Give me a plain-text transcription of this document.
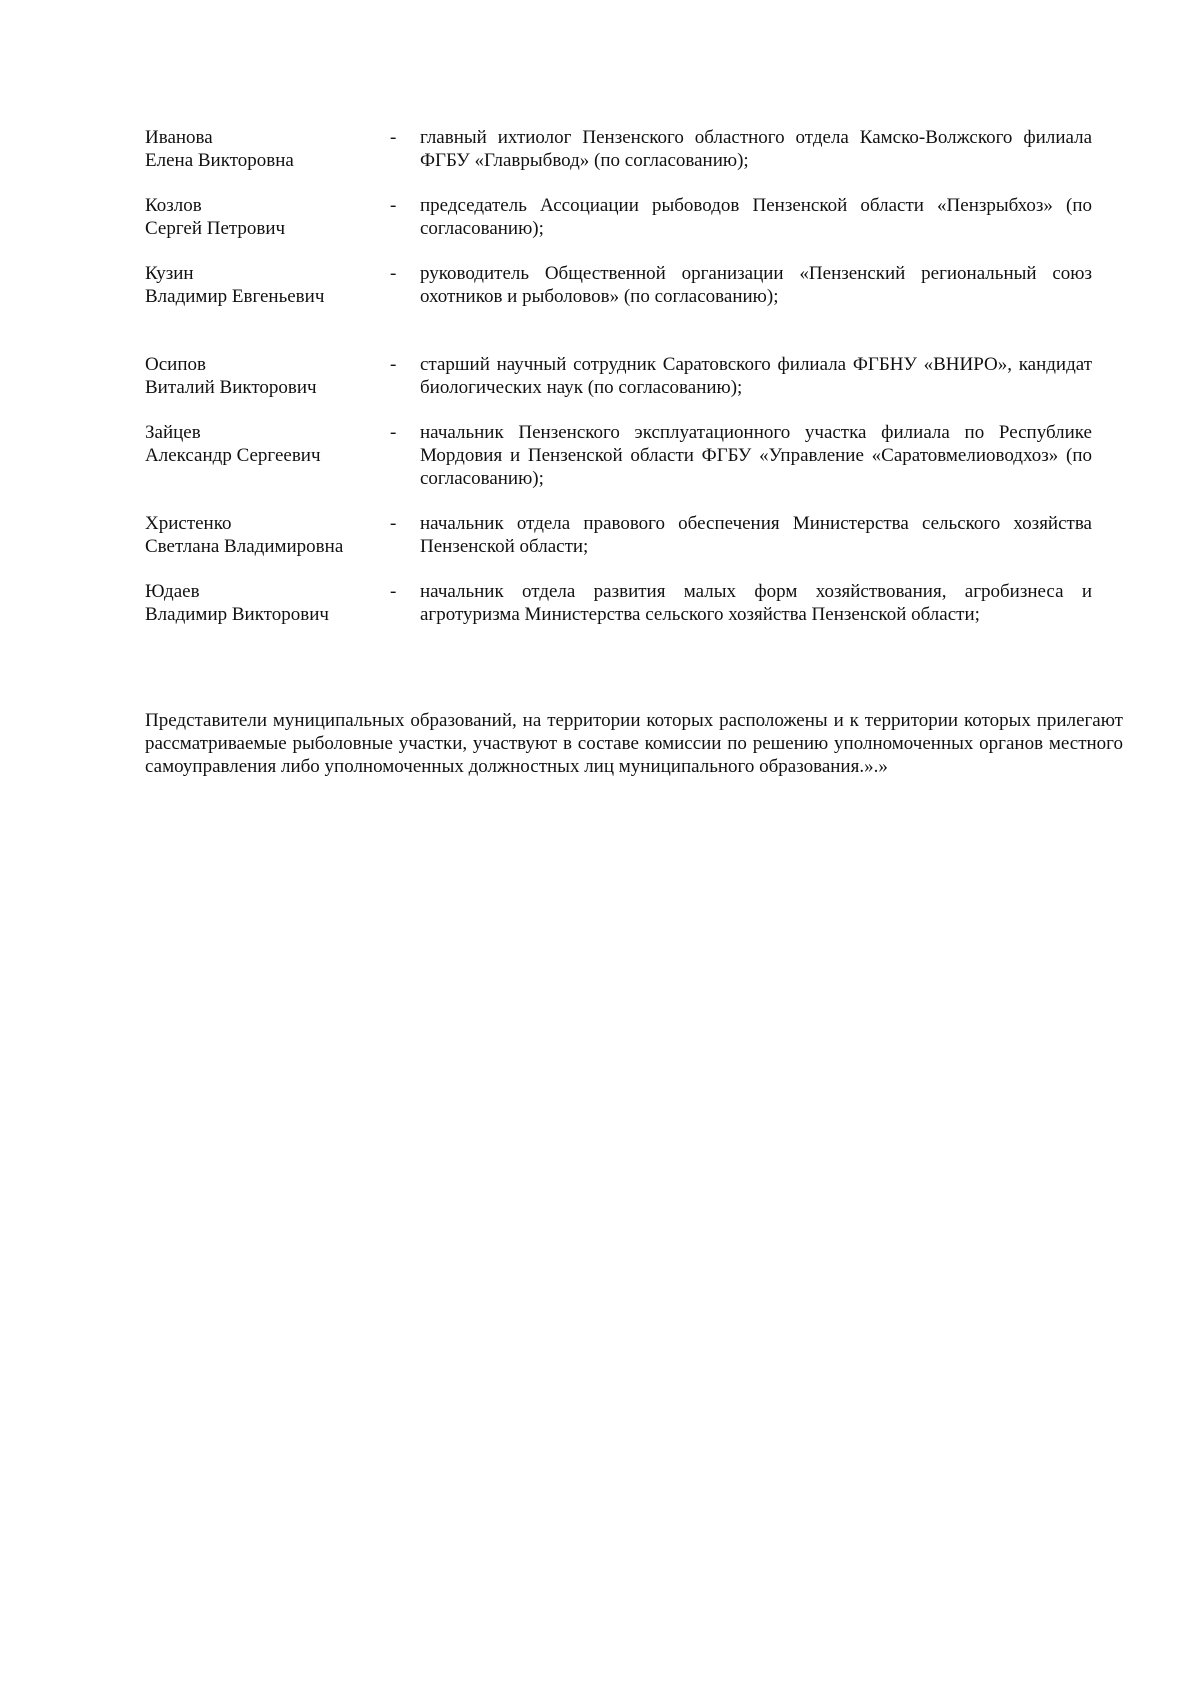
Иванова
Елена Викторовна
-	главный ихтиолог Пензенского областного отдела Камско-Волжского филиала ФГБУ «Главрыбвод» (по согласованию);
Козлов
Сергей Петрович
-	председатель Ассоциации рыбоводов Пензенской области «Пензрыбхоз» (по согласованию);
Кузин
Владимир Евгеньевич
-	руководитель Общественной организации «Пензенский региональный союз охотников и рыболовов» (по согласованию);
Осипов
Виталий Викторович
-	старший научный сотрудник Саратовского филиала ФГБНУ «ВНИРО», кандидат биологических наук (по согласованию);
Зайцев
Александр Сергеевич
-	начальник Пензенского эксплуатационного участка филиала по Республике Мордовия и Пензенской области ФГБУ «Управление «Саратовмелиоводхоз» (по согласованию);
Христенко
Светлана Владимировна
-	начальник отдела правового обеспечения Министерства сельского хозяйства Пензенской области;
Юдаев
Владимир Викторович
-	начальник отдела развития малых форм хозяйствования, агробизнеса и агротуризма Министерства сельского хозяйства Пензенской области;

Представители муниципальных образований, на территории которых расположены и к территории которых прилегают рассматриваемые рыболовные участки, участвуют в составе комиссии по решению уполномоченных органов местного самоуправления либо уполномоченных должностных лиц муниципального образования.».»
